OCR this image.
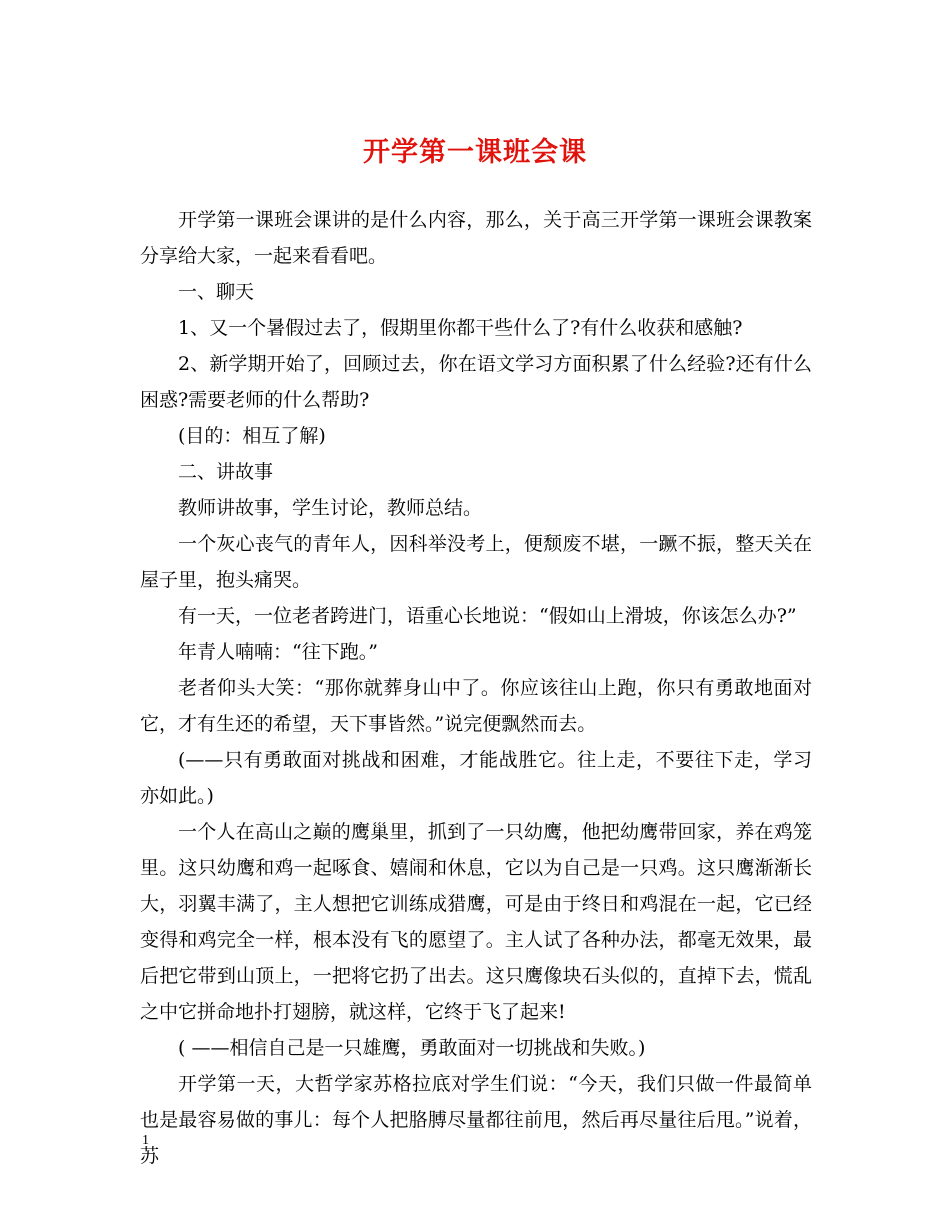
开学第一课班会课

开学第一课班会课讲的是什么内容，那么，关于高三开学第一课班会课教案分享给大家，一起来看看吧。

一、聊天

1、又一个暑假过去了，假期里你都干些什么了?有什么收获和感触?

2、新学期开始了，回顾过去，你在语文学习方面积累了什么经验?还有什么困惑?需要老师的什么帮助?

(目的：相互了解)

二、讲故事

教师讲故事，学生讨论，教师总结。

一个灰心丧气的青年人，因科举没考上，便颓废不堪，一蹶不振，整天关在屋子里，抱头痛哭。

有一天，一位老者跨进门，语重心长地说：“假如山上滑坡，你该怎么办?”

年青人喃喃：“往下跑。”

老者仰头大笑：“那你就葬身山中了。你应该往山上跑，你只有勇敢地面对它，才有生还的希望，天下事皆然。”说完便飘然而去。

(——只有勇敢面对挑战和困难，才能战胜它。往上走，不要往下走，学习亦如此。)

一个人在高山之巅的鹰巢里，抓到了一只幼鹰，他把幼鹰带回家，养在鸡笼里。这只幼鹰和鸡一起啄食、嬉闹和休息，它以为自己是一只鸡。这只鹰渐渐长大，羽翼丰满了，主人想把它训练成猎鹰，可是由于终日和鸡混在一起，它已经变得和鸡完全一样，根本没有飞的愿望了。主人试了各种办法，都毫无效果，最后把它带到山顶上，一把将它扔了出去。这只鹰像块石头似的，直掉下去，慌乱之中它拼命地扑打翅膀，就这样，它终于飞了起来!

( ——相信自己是一只雄鹰，勇敢面对一切挑战和失败。)

开学第一天，大哲学家苏格拉底对学生们说：“今天，我们只做一件最简单也是最容易做的事儿：每个人把胳膊尽量都往前甩，然后再尽量往后甩。”说着，苏

1
